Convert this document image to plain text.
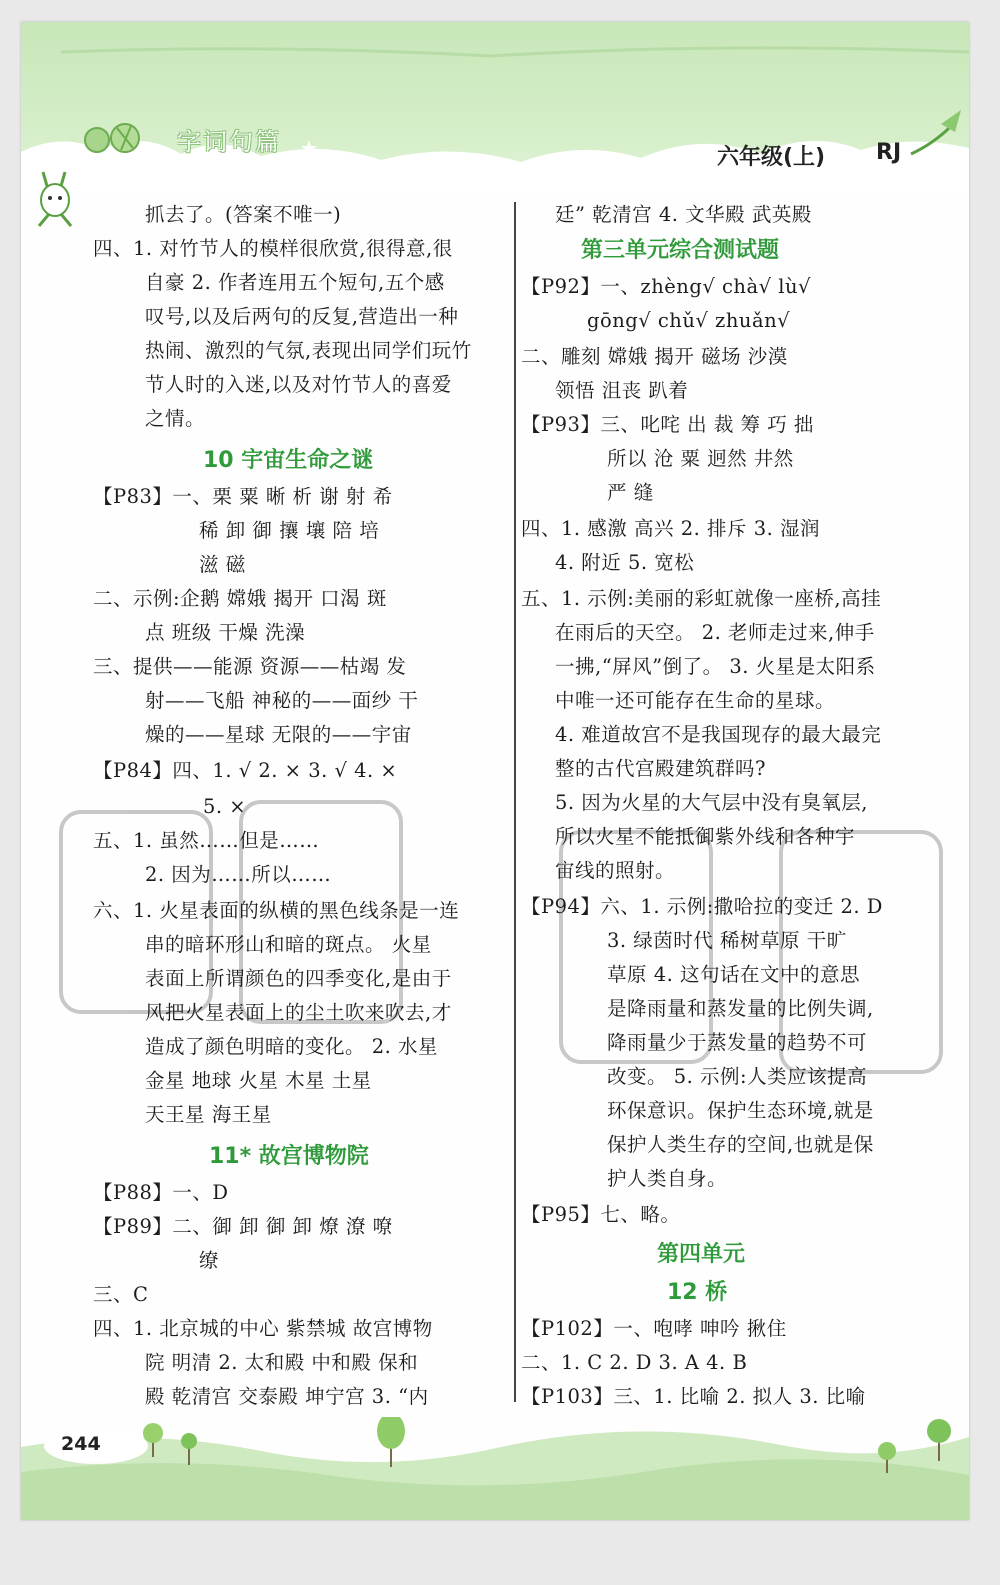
字词句篇
六年级(上) RJ
抓去了。(答案不唯一)
四、1. 对竹节人的模样很欣赏,很得意,很
自豪 2. 作者连用五个短句,五个感
叹号,以及后两句的反复,营造出一种
热闹、激烈的气氛,表现出同学们玩竹
节人时的入迷,以及对竹节人的喜爱
之情。
10 宇宙生命之谜
【P83】一、栗 粟 晰 析 谢 射 希
稀 卸 御 攘 壤 陪 培
滋 磁
二、示例:企鹅 嫦娥 揭开 口渴 斑
点 班级 干燥 洗澡
三、提供——能源 资源——枯竭 发
射——飞船 神秘的——面纱 干
燥的——星球 无限的——宇宙
【P84】四、1. √ 2. × 3. √ 4. ×
5. ×
五、1. 虽然……但是……
2. 因为……所以……
六、1. 火星表面的纵横的黑色线条是一连
串的暗环形山和暗的斑点。 火星
表面上所谓颜色的四季变化,是由于
风把火星表面上的尘土吹来吹去,才
造成了颜色明暗的变化。 2. 水星
金星 地球 火星 木星 土星
天王星 海王星
11* 故宫博物院
【P88】一、D
【P89】二、御 卸 御 卸 燎 潦 嘹
缭
三、C
四、1. 北京城的中心 紫禁城 故宫博物
院 明清 2. 太和殿 中和殿 保和
殿 乾清宫 交泰殿 坤宁宫 3. “内
廷” 乾清宫 4. 文华殿 武英殿
第三单元综合测试题
【P92】一、zhèng√ chà√ lù√
gōng√ chǔ√ zhuǎn√
二、雕刻 嫦娥 揭开 磁场 沙漠
领悟 沮丧 趴着
【P93】三、叱咤 出 裁 筹 巧 拙
所以 沧 粟 迥然 井然
严 缝
四、1. 感激 高兴 2. 排斥 3. 湿润
4. 附近 5. 宽松
五、1. 示例:美丽的彩虹就像一座桥,高挂
在雨后的天空。 2. 老师走过来,伸手
一拂,“屏风”倒了。 3. 火星是太阳系
中唯一还可能存在生命的星球。
4. 难道故宫不是我国现存的最大最完
整的古代宫殿建筑群吗?
5. 因为火星的大气层中没有臭氧层,
所以火星不能抵御紫外线和各种宇
宙线的照射。
【P94】六、1. 示例:撒哈拉的变迁 2. D
3. 绿茵时代 稀树草原 干旷
草原 4. 这句话在文中的意思
是降雨量和蒸发量的比例失调,
降雨量少于蒸发量的趋势不可
改变。 5. 示例:人类应该提高
环保意识。保护生态环境,就是
保护人类生存的空间,也就是保
护人类自身。
【P95】七、略。
第四单元
12 桥
【P102】一、咆哮 呻吟 揪住
二、1. C 2. D 3. A 4. B
【P103】三、1. 比喻 2. 拟人 3. 比喻
244
